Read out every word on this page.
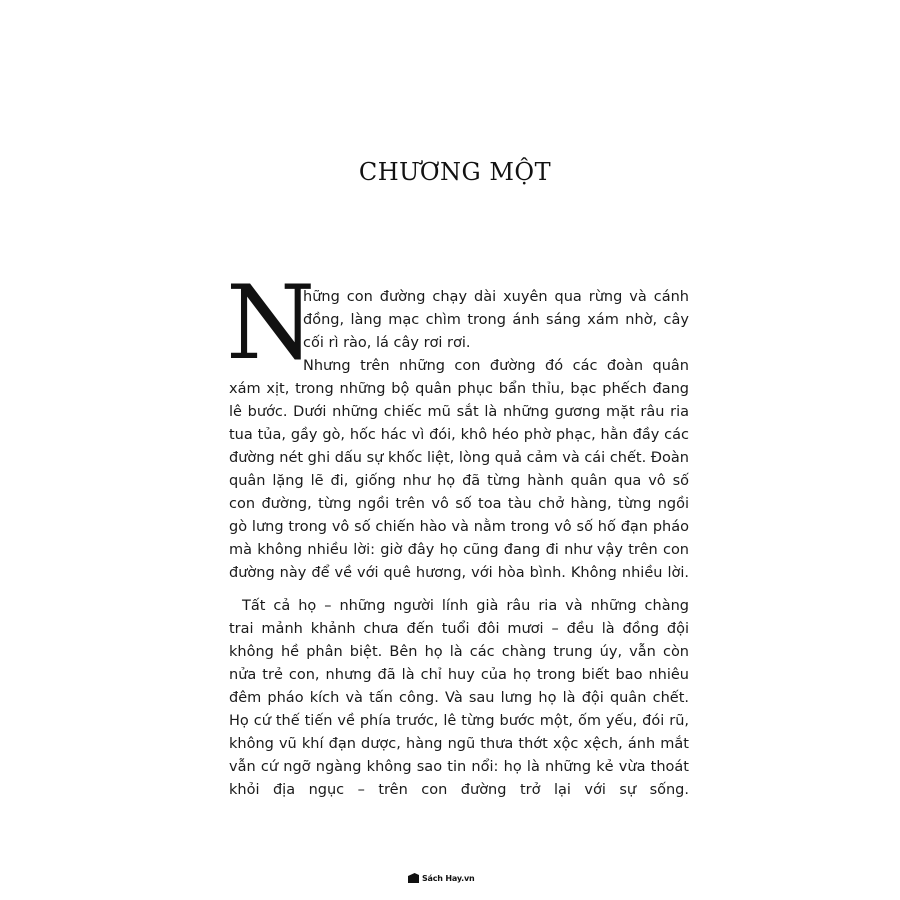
CHƯƠNG MỘT
N
hững con đường chạy dài xuyên qua rừng và cánh
đồng, làng mạc chìm trong ánh sáng xám nhờ, cây
cối rì rào, lá cây rơi rơi.
Nhưng trên những con đường đó các đoàn quân
xám xịt, trong những bộ quân phục bẩn thỉu, bạc phếch đang
lê bước. Dưới những chiếc mũ sắt là những gương mặt râu ria
tua tủa, gầy gò, hốc hác vì đói, khô héo phờ phạc, hằn đầy các
đường nét ghi dấu sự khốc liệt, lòng quả cảm và cái chết. Đoàn
quân lặng lẽ đi, giống như họ đã từng hành quân qua vô số
con đường, từng ngồi trên vô số toa tàu chở hàng, từng ngồi
gò lưng trong vô số chiến hào và nằm trong vô số hố đạn pháo
mà không nhiều lời: giờ đây họ cũng đang đi như vậy trên con
đường này để về với quê hương, với hòa bình. Không nhiều lời.
Tất cả họ – những người lính già râu ria và những chàng
trai mảnh khảnh chưa đến tuổi đôi mươi – đều là đồng đội
không hề phân biệt. Bên họ là các chàng trung úy, vẫn còn
nửa trẻ con, nhưng đã là chỉ huy của họ trong biết bao nhiêu
đêm pháo kích và tấn công. Và sau lưng họ là đội quân chết.
Họ cứ thế tiến về phía trước, lê từng bước một, ốm yếu, đói rũ,
không vũ khí đạn dược, hàng ngũ thưa thớt xộc xệch, ánh mắt
vẫn cứ ngỡ ngàng không sao tin nổi: họ là những kẻ vừa thoát
khỏi địa ngục – trên con đường trở lại với sự sống.
Sách Hay.vn
